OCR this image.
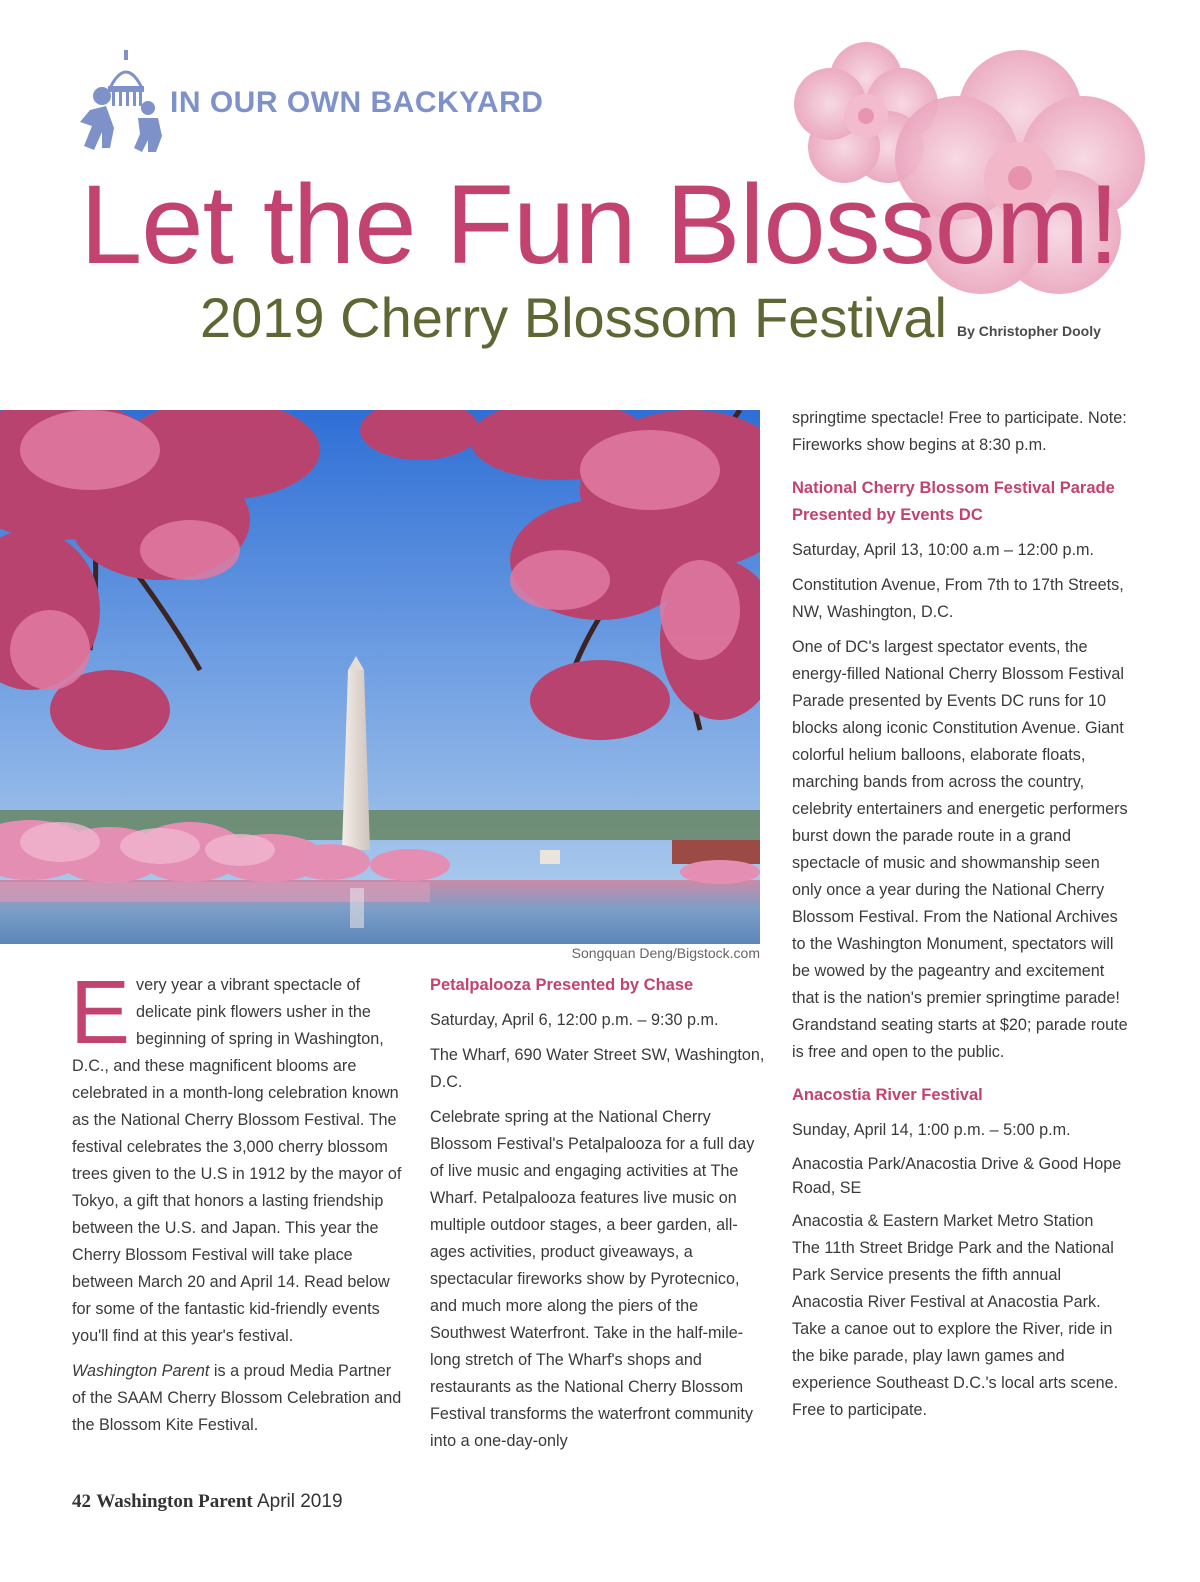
IN OUR OWN BACKYARD
Let the Fun Blossom!
2019 Cherry Blossom Festival By Christopher Dooly
Songquan Deng/Bigstock.com

Every year a vibrant spectacle of delicate pink flowers usher in the beginning of spring in Washington, D.C., and these magnificent blooms are celebrated in a month-long celebration known as the National Cherry Blossom Festival. The festival celebrates the 3,000 cherry blossom trees given to the U.S in 1912 by the mayor of Tokyo, a gift that honors a lasting friendship between the U.S. and Japan. This year the Cherry Blossom Festival will take place between March 20 and April 14. Read below for some of the fantastic kid-friendly events you'll find at this year's festival.

Washington Parent is a proud Media Partner of the SAAM Cherry Blossom Celebration and the Blossom Kite Festival.

Petalpalooza Presented by Chase

Saturday, April 6, 12:00 p.m. – 9:30 p.m.

The Wharf, 690 Water Street SW, Washington, D.C.

Celebrate spring at the National Cherry Blossom Festival's Petalpalooza for a full day of live music and engaging activities at The Wharf. Petalpalooza features live music on multiple outdoor stages, a beer garden, all-ages activities, product giveaways, a spectacular fireworks show by Pyrotecnico, and much more along the piers of the Southwest Waterfront. Take in the half-mile-long stretch of The Wharf's shops and restaurants as the National Cherry Blossom Festival transforms the waterfront community into a one-day-only

springtime spectacle! Free to participate. Note: Fireworks show begins at 8:30 p.m.

National Cherry Blossom Festival Parade Presented by Events DC

Saturday, April 13, 10:00 a.m – 12:00 p.m.

Constitution Avenue, From 7th to 17th Streets, NW, Washington, D.C.

One of DC's largest spectator events, the energy-filled National Cherry Blossom Festival Parade presented by Events DC runs for 10 blocks along iconic Constitution Avenue. Giant colorful helium balloons, elaborate floats, marching bands from across the country, celebrity entertainers and energetic performers burst down the parade route in a grand spectacle of music and showmanship seen only once a year during the National Cherry Blossom Festival. From the National Archives to the Washington Monument, spectators will be wowed by the pageantry and excitement that is the nation's premier springtime parade! Grandstand seating starts at $20; parade route is free and open to the public.

Anacostia River Festival

Sunday, April 14, 1:00 p.m. – 5:00 p.m.

Anacostia Park/Anacostia Drive & Good Hope Road, SE

Anacostia & Eastern Market Metro Station

The 11th Street Bridge Park and the National Park Service presents the fifth annual Anacostia River Festival at Anacostia Park. Take a canoe out to explore the River, ride in the bike parade, play lawn games and experience Southeast D.C.'s local arts scene. Free to participate.

42 Washington Parent April 2019
